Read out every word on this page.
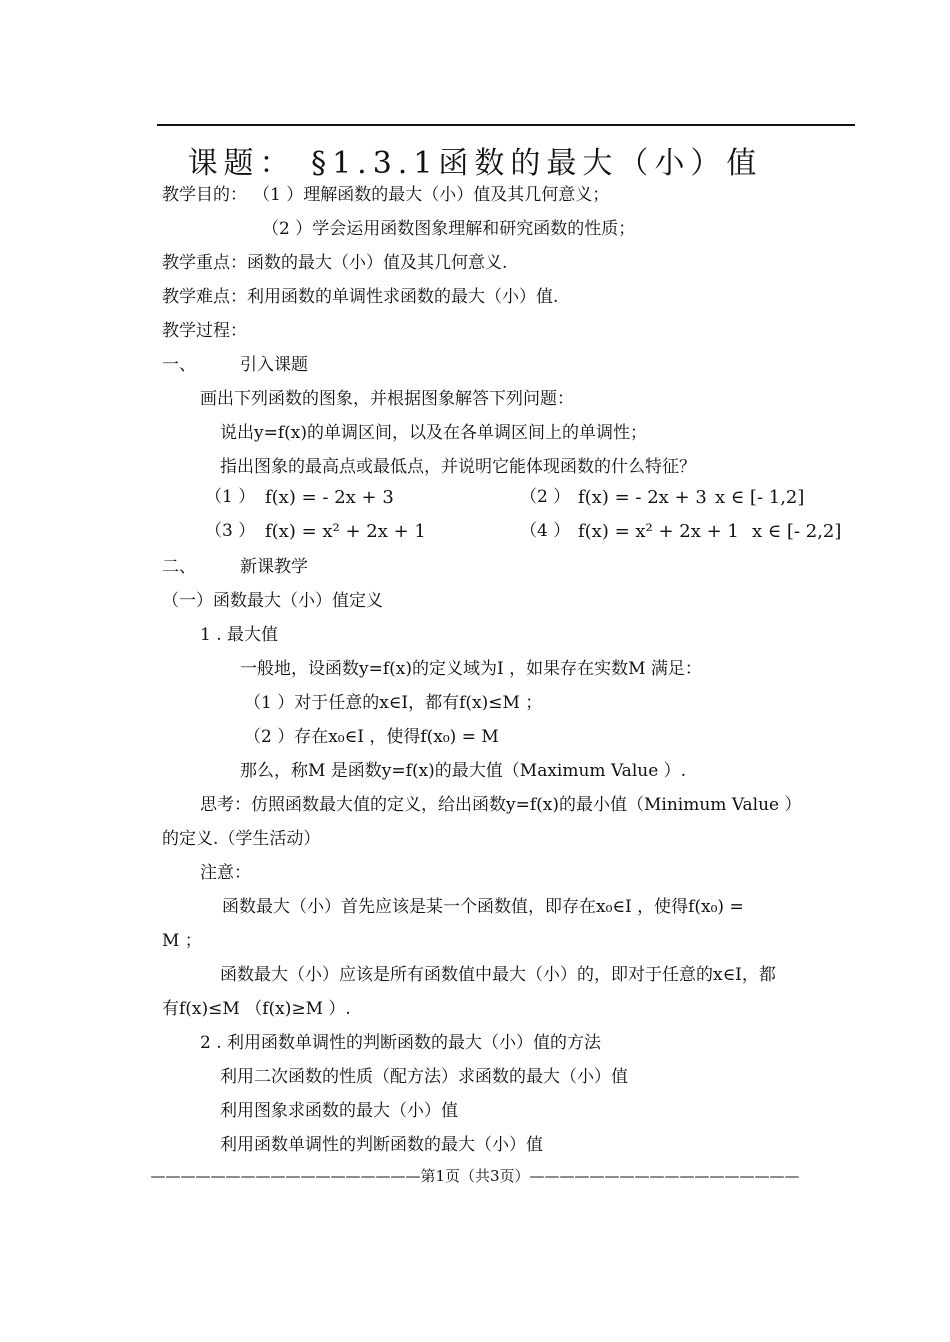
课题： §1.3.1函数的最大（小）值
教学目的： （1 ）理解函数的最大（小）值及其几何意义；
（2 ）学会运用函数图象理解和研究函数的性质；
教学重点：函数的最大（小）值及其几何意义.
教学难点：利用函数的单调性求函数的最大（小）值.
教学过程：
一、	引入课题
画出下列函数的图象，并根据图象解答下列问题：
说出y=f(x)的单调区间，以及在各单调区间上的单调性；
指出图象的最高点或最低点，并说明它能体现函数的什么特征？
（1 ） f(x) = - 2x + 3	（2 ） f(x) = - 2x + 3 x ∈ [- 1,2]
（3 ） f(x) = x² + 2x + 1	（4 ） f(x) = x² + 2x + 1 x ∈ [- 2,2]
二、	新课教学
（一）函数最大（小）值定义
1 . 最大值
一般地，设函数y=f(x)的定义域为I ，如果存在实数M 满足：
（1 ）对于任意的x∈I，都有f(x)≤M ；
（2 ）存在x₀∈I ，使得f(x₀) = M
那么，称M 是函数y=f(x)的最大值（Maximum Value ）.
思考：仿照函数最大值的定义，给出函数y=f(x)的最小值（Minimum Value ）
的定义.（学生活动）
注意：
函数最大（小）首先应该是某一个函数值，即存在x₀∈I ，使得f(x₀) =
M ；
函数最大（小）应该是所有函数值中最大（小）的，即对于任意的x∈I，都
有f(x)≤M （f(x)≥M ）.
2 . 利用函数单调性的判断函数的最大（小）值的方法
利用二次函数的性质（配方法）求函数的最大（小）值
利用图象求函数的最大（小）值
利用函数单调性的判断函数的最大（小）值
——————————————————第1页（共3页）——————————————————
